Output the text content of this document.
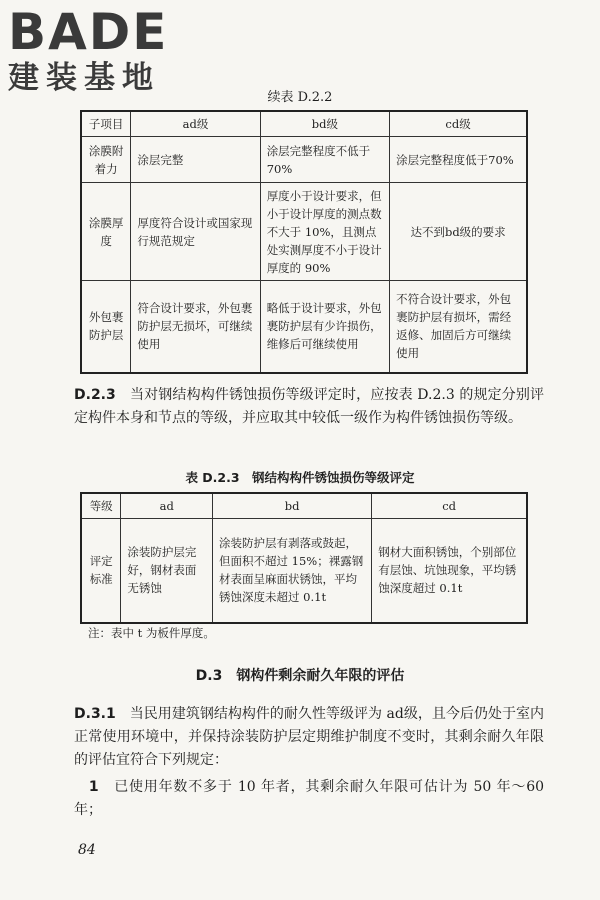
BADE
建装基地
续表 D.2.2
子项目	ad级	bd级	cd级
涂膜附着力	涂层完整	涂层完整程度不低于70%	涂层完整程度低于70%
涂膜厚度	厚度符合设计或国家现行规范规定	厚度小于设计要求，但小于设计厚度的测点数不大于 10%，且测点处实测厚度不小于设计厚度的 90%	达不到bd级的要求
外包裹防护层	符合设计要求，外包裹防护层无损坏，可继续使用	略低于设计要求，外包裹防护层有少许损伤，维修后可继续使用	不符合设计要求，外包裹防护层有损坏，需经返修、加固后方可继续使用
D.2.3　 当对钢结构构件锈蚀损伤等级评定时，应按表 D.2.3 的规定分别评定构件本身和节点的等级，并应取其中较低一级作为构件锈蚀损伤等级。
表 D.2.3　钢结构构件锈蚀损伤等级评定
等级	ad	bd	cd
评定标准	涂装防护层完好，钢材表面无锈蚀	涂装防护层有剥落或鼓起，但面积不超过 15%；裸露钢材表面呈麻面状锈蚀，平均锈蚀深度未超过 0.1t	钢材大面积锈蚀，个别部位有层蚀、坑蚀现象，平均锈蚀深度超过 0.1t
注：表中 t 为板件厚度。
D.3　钢构件剩余耐久年限的评估
D.3.1　 当民用建筑钢结构构件的耐久性等级评为 ad级，且今后仍处于室内正常使用环境中，并保持涂装防护层定期维护制度不变时，其剩余耐久年限的评估宜符合下列规定：
　1　 已使用年数不多于 10 年者，其剩余耐久年限可估计为 50 年～60 年；
84
